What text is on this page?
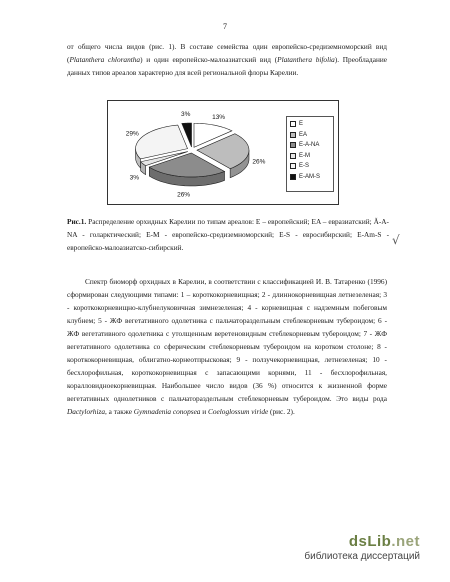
7

от общего числа видов (рис. 1). В составе семейства один европейско-средиземноморский вид (Platanthera chlorantha) и один европейско-малоазиатский вид (Platanthera bifolia). Преобладание данных типов ареалов характерно для всей региональной флоры Карелии.

13%
26%
26%
3%
29%
3%
E
EA
E-A-NA
E-M
E-S
E-AM-S

Рис.1. Распределение орхидных Карелии по типам ареалов: E – европейский; EA – евразиатский; Ă-A-NA - голарктический; E-M - европейско-средиземноморский; E-S - евросибирский; E-Am-S - европейско-малоазиатско-сибирский.

√

Спектр биоморф орхидных в Карелии, в соответствии с классификацией И. В. Татаренко (1996) сформирован следующими типами: 1 – короткокорневищная; 2 - длиннокорневищная летнезеленая; 3 - короткокорневищно-клубнелуковичная зимнезеленая; 4 - корневищная с надземным побеговым клубнем; 5 - ЖФ вегетативного одолетника с пальчаторазделъным стеблекорневым туберoидом; 6 - ЖФ вегетативного одолетника с утолщенным веретеновидным стеблекорневым туберoидом; 7 - ЖФ вегетативного одолетника со сферическим стеблекорневым туберoидом на коротком столоне; 8 - короткокорневищная, облигатно-корнеотпрысковая; 9 - ползучекорневищная, летнезеленая; 10 - бесхлорофильная, короткокорневищная с запасающими корнями, 11 - бесхлорофильная, коралловидноекорневищная. Наибольшее число видов (36 %) относится к жизненной форме вегетативных однолетников с пальчаторазделъным стеблекорневым тубероидом. Это виды рода Dactylorhiza, а также Gymnadenia conopsea и Coeloglossum viride (рис. 2).

dsLib.net
библиотека диссертаций
